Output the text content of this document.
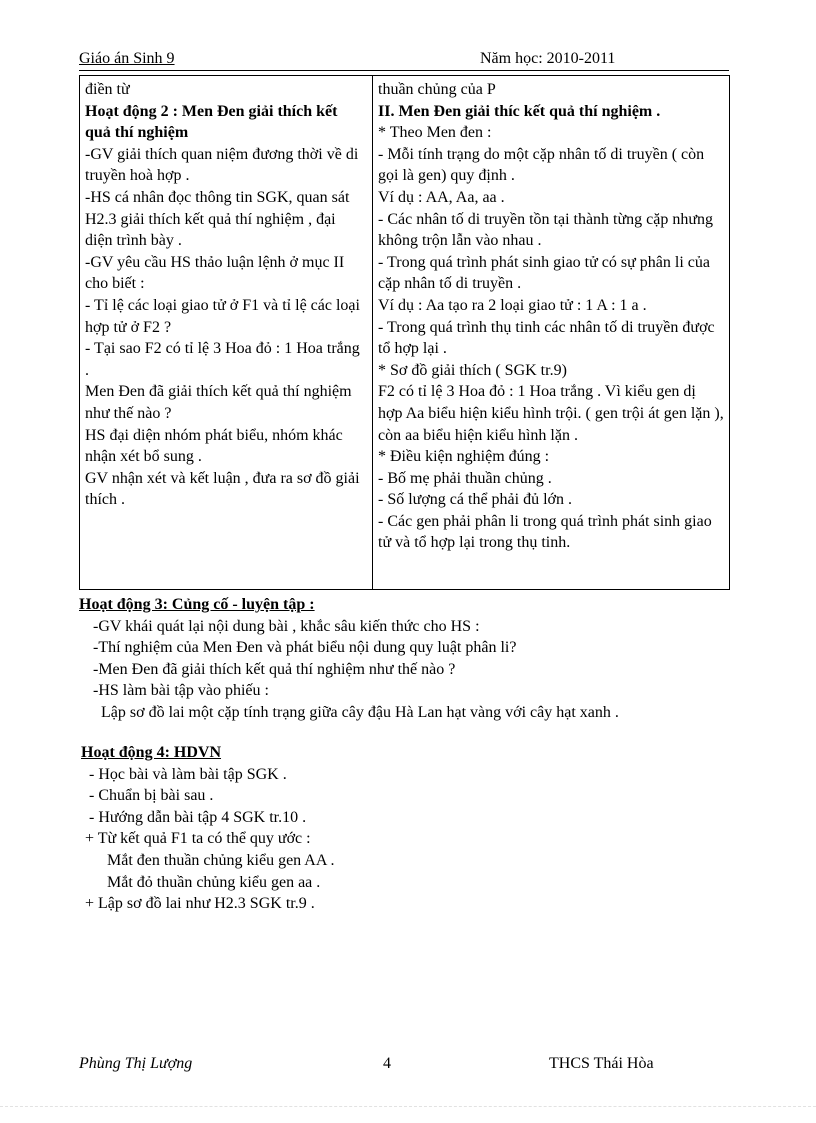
Giáo án Sinh 9	Năm học: 2010-2011
điền từ
Hoạt động 2 : Men Đen giải thích kết quả thí nghiệm
-GV giải thích quan niệm đương thời về di truyền hoà hợp .
-HS cá nhân đọc thông tin SGK, quan sát H2.3 giải thích kết quả thí nghiệm , đại diện trình bày .
-GV yêu cầu HS thảo luận lệnh ở mục II cho biết :
- Tỉ lệ các loại giao tử ở F1 và tỉ lệ các loại hợp tử ở F2 ?
- Tại sao F2 có tỉ lệ 3 Hoa đỏ : 1 Hoa trắng .
Men Đen đã giải thích kết quả thí nghiệm như thế nào ?
HS đại diện nhóm phát biểu, nhóm khác nhận xét bổ sung .
GV nhận xét và kết luận , đưa ra sơ đồ giải thích .

thuần chủng của P
II. Men Đen giải thíc kết quả thí nghiệm .
* Theo Men đen :
- Mỗi tính trạng do một cặp nhân tố di truyền ( còn gọi là gen) quy định .
Ví dụ : AA, Aa, aa .
- Các nhân tố di truyền tồn tại thành từng cặp nhưng không trộn lẫn vào nhau .
- Trong quá trình phát sinh giao tử có sự phân li của cặp nhân tố di truyền .
Ví dụ : Aa tạo ra 2 loại giao tử : 1 A : 1 a .
- Trong quá trình thụ tinh các nhân tố di truyền được tổ hợp lại .
* Sơ đồ giải thích ( SGK tr.9)
F2 có tỉ lệ 3 Hoa đỏ : 1 Hoa trắng . Vì kiểu gen dị hợp Aa biểu hiện kiểu hình trội. ( gen trội át gen lặn ), còn aa biểu hiện kiểu hình lặn .
* Điều kiện nghiệm đúng :
- Bố mẹ phải thuần chủng .
- Số lượng cá thể phải đủ lớn .
- Các gen phải phân li trong quá trình phát sinh giao tử và tổ hợp lại trong thụ tinh.
Hoạt động 3: Củng cố - luyện tập :
-GV khái quát lại nội dung bài , khắc sâu kiến thức cho HS :
-Thí nghiệm của Men Đen và phát biểu nội dung quy luật phân li?
-Men Đen đã giải thích kết quả thí nghiệm như thế nào ?
-HS làm bài tập vào phiếu :
Lập sơ đồ lai một cặp tính trạng giữa cây đậu Hà Lan hạt vàng với cây hạt xanh .
Hoạt động 4: HDVN
- Học bài và làm bài tập SGK .
- Chuẩn bị bài sau .
- Hướng dẫn bài tập 4 SGK tr.10 .
+ Từ kết quả F1 ta có thể quy ước :
Mắt đen thuần chủng kiểu gen AA .
Mắt đỏ thuần chủng kiểu gen aa .
+ Lập sơ đồ lai như H2.3 SGK tr.9 .
Phùng Thị Lượng	4	THCS Thái Hòa
